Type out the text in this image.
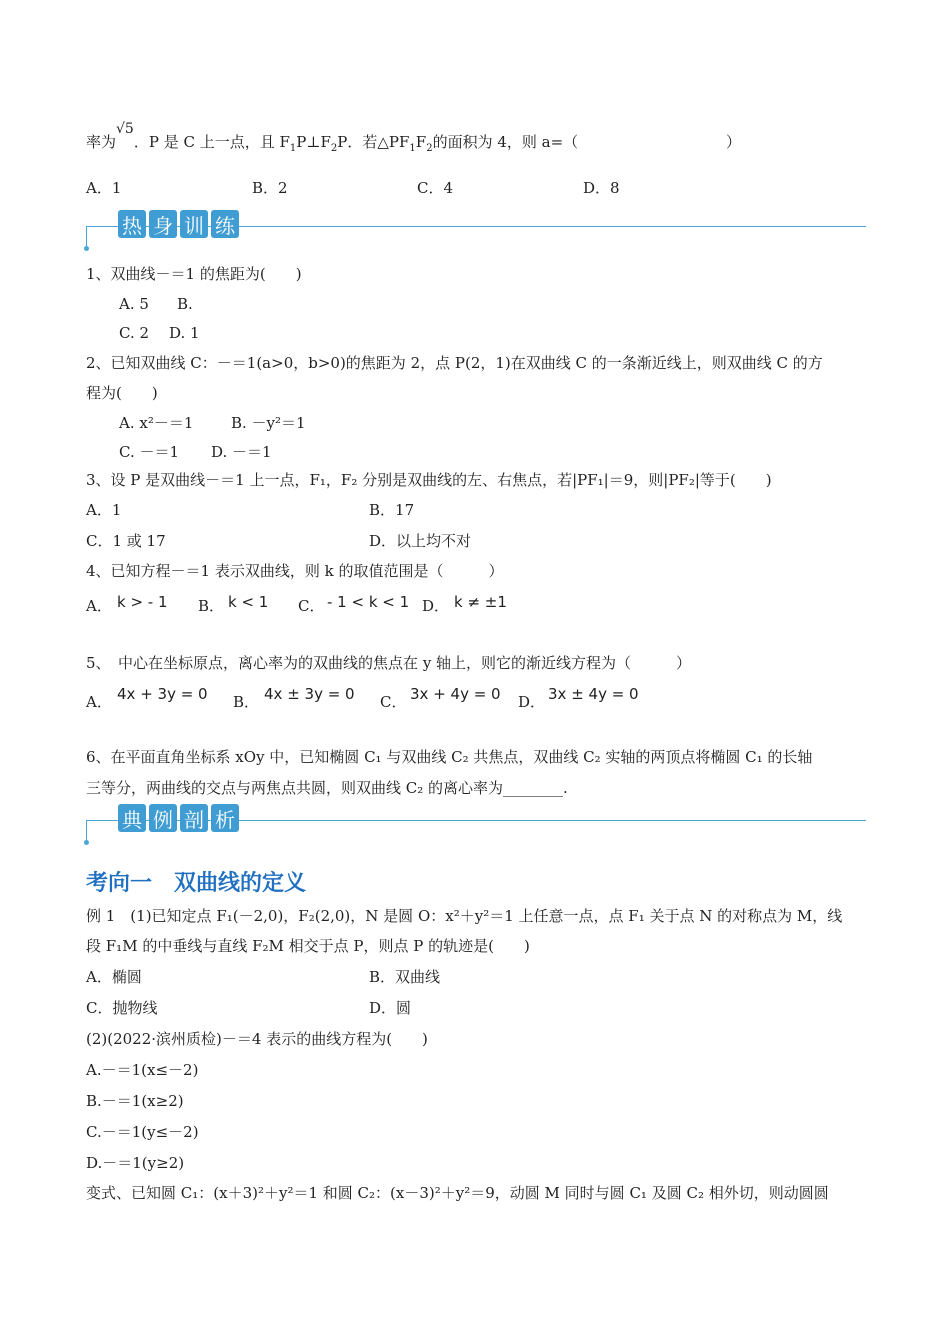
率为√5．P 是 C 上一点，且 $F_1P\perp F_2P$．若$\triangle PF_1F_2$的面积为 4，则 a=（	）
A．1	B．2	C．4	D．8
热 身 训 练
1、双曲线－＝1 的焦距为(　　)
A. 5 B.
C. 2 D. 1
2、已知双曲线 C：－＝1(a>0，b>0)的焦距为 2，点 P(2，1)在双曲线 C 的一条渐近线上，则双曲线 C 的方
程为(　　)
A. x²－＝1	B. －y²＝1
C. －＝1 D. －＝1
3、设 P 是双曲线－＝1 上一点，F₁，F₂ 分别是双曲线的左、右焦点，若|PF₁|＝9，则|PF₂|等于(　　)
A．1	B．17
C．1 或 17	D．以上均不对
4、已知方程－＝1 表示双曲线，则 k 的取值范围是（　　　）
A． k > - 1 B． k < 1 C． - 1 < k < 1 D． k ≠ ±1
5、　中心在坐标原点，离心率为的双曲线的焦点在 y 轴上，则它的渐近线方程为（　　　）
A． 4x + 3y = 0 B． 4x ± 3y = 0 C． 3x + 4y = 0 D． 3x ± 4y = 0
6、在平面直角坐标系 xOy 中，已知椭圆 C₁ 与双曲线 C₂ 共焦点，双曲线 C₂ 实轴的两顶点将椭圆 C₁ 的长轴
三等分，两曲线的交点与两焦点共圆，则双曲线 C₂ 的离心率为________.
典 例 剖 析
考向一　双曲线的定义
例 1　(1)已知定点 F₁(－2,0)，F₂(2,0)，N 是圆 O：x²＋y²＝1 上任意一点，点 F₁ 关于点 N 的对称点为 M，线
段 F₁M 的中垂线与直线 F₂M 相交于点 P，则点 P 的轨迹是(　　)
A．椭圆	B．双曲线
C．抛物线	D．圆
(2)(2022·滨州质检)－＝4 表示的曲线方程为(　　)
A.－＝1(x≤－2)
B.－＝1(x≥2)
C.－＝1(y≤－2)
D.－＝1(y≥2)
变式、已知圆 C₁：(x＋3)²＋y²＝1 和圆 C₂：(x－3)²＋y²＝9，动圆 M 同时与圆 C₁ 及圆 C₂ 相外切，则动圆圆
